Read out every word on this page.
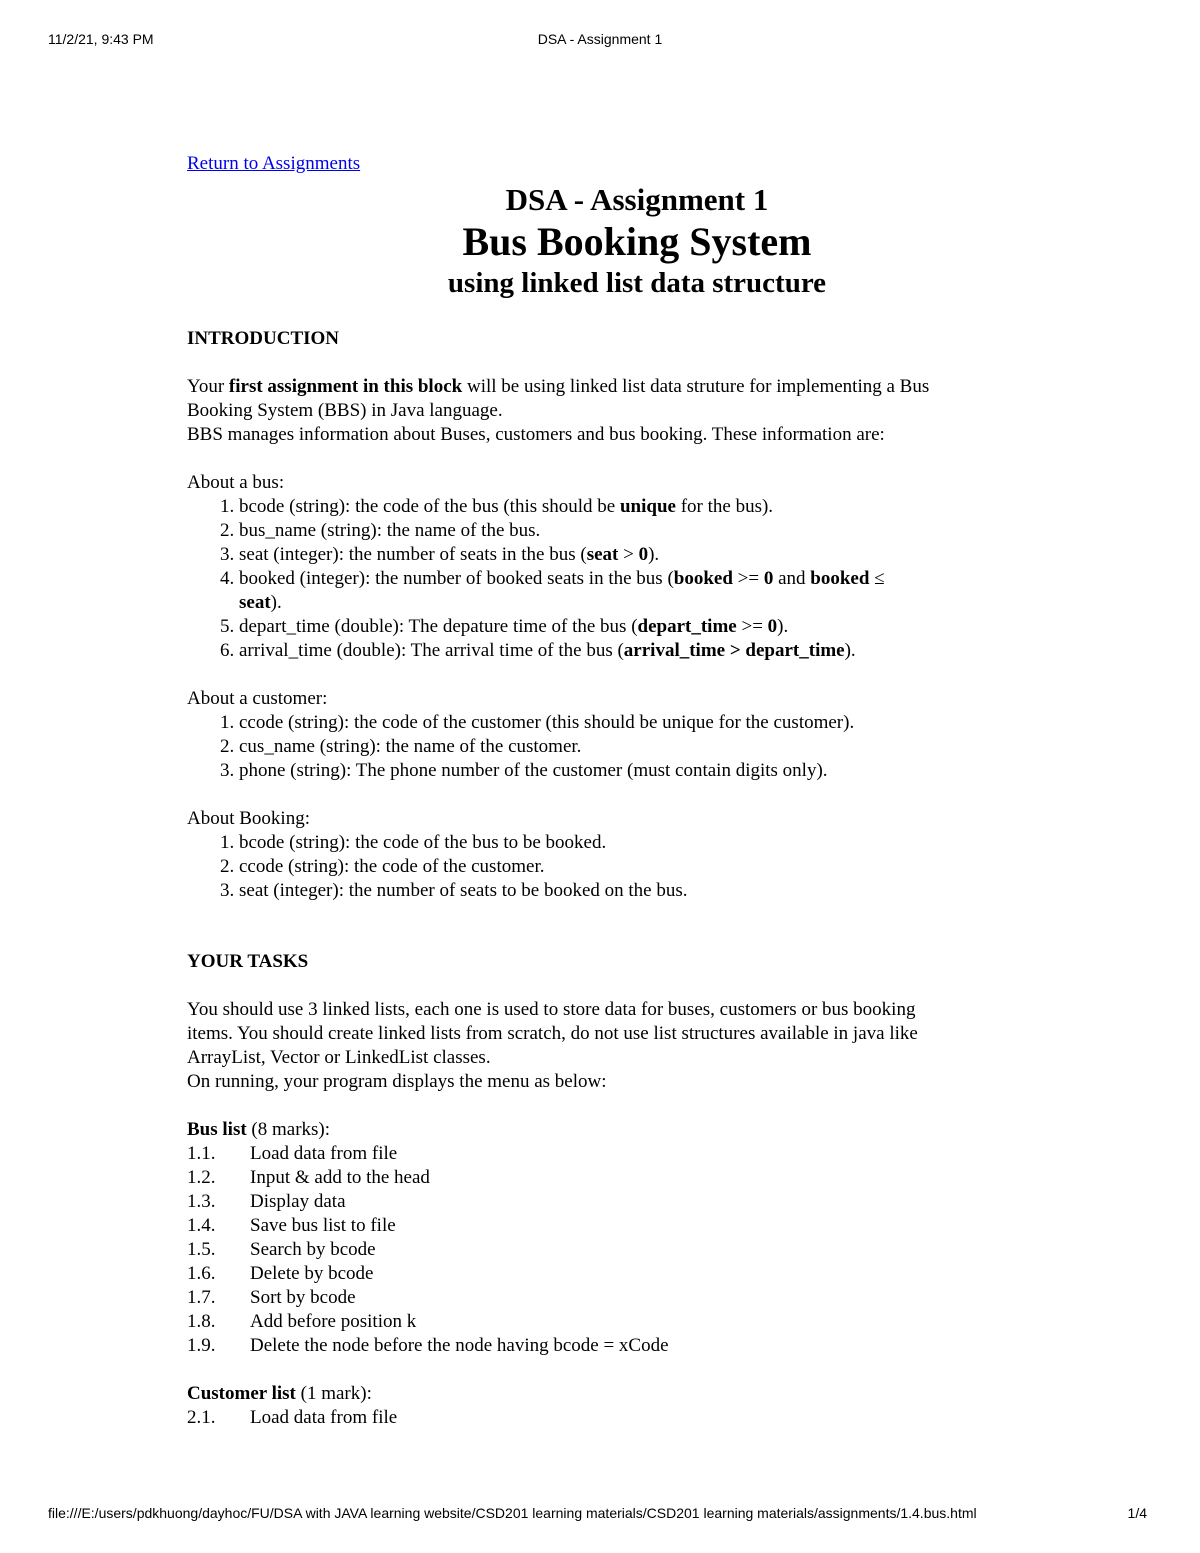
11/2/21, 9:43 PM	DSA - Assignment 1
Return to Assignments
DSA - Assignment 1
Bus Booking System
using linked list data structure
INTRODUCTION
Your first assignment in this block will be using linked list data struture for implementing a Bus
Booking System (BBS) in Java language.
BBS manages information about Buses, customers and bus booking. These information are:
About a bus:
1. bcode (string): the code of the bus (this should be unique for the bus).
2. bus_name (string): the name of the bus.
3. seat (integer): the number of seats in the bus (seat > 0).
4. booked (integer): the number of booked seats in the bus (booked >= 0 and booked ≤
seat).
5. depart_time (double): The depature time of the bus (depart_time >= 0).
6. arrival_time (double): The arrival time of the bus (arrival_time > depart_time).
About a customer:
1. ccode (string): the code of the customer (this should be unique for the customer).
2. cus_name (string): the name of the customer.
3. phone (string): The phone number of the customer (must contain digits only).
About Booking:
1. bcode (string): the code of the bus to be booked.
2. ccode (string): the code of the customer.
3. seat (integer): the number of seats to be booked on the bus.
YOUR TASKS
You should use 3 linked lists, each one is used to store data for buses, customers or bus booking
items. You should create linked lists from scratch, do not use list structures available in java like
ArrayList, Vector or LinkedList classes.
On running, your program displays the menu as below:
Bus list (8 marks):
1.1. Load data from file
1.2. Input & add to the head
1.3. Display data
1.4. Save bus list to file
1.5. Search by bcode
1.6. Delete by bcode
1.7. Sort by bcode
1.8. Add before position k
1.9. Delete the node before the node having bcode = xCode
Customer list (1 mark):
2.1. Load data from file
file:///E:/users/pdkhuong/dayhoc/FU/DSA with JAVA learning website/CSD201 learning materials/CSD201 learning materials/assignments/1.4.bus.html	1/4
